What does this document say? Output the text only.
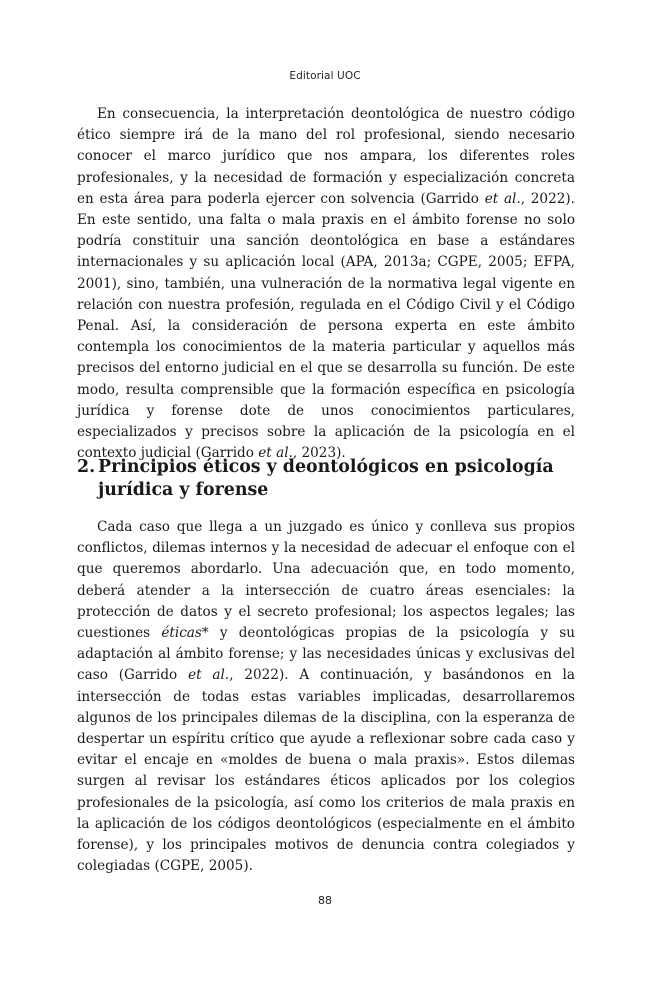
Editorial UOC

En consecuencia, la interpretación deontológica de nuestro código ético siempre irá de la mano del rol profesional, siendo necesario conocer el marco jurídico que nos ampara, los diferentes roles profesionales, y la necesidad de formación y especialización concreta en esta área para poderla ejercer con solvencia (Garrido et al., 2022). En este sentido, una falta o mala praxis en el ámbito forense no solo podría constituir una sanción deontológica en base a estándares internacionales y su aplicación local (APA, 2013a; CGPE, 2005; EFPA, 2001), sino, también, una vulneración de la normativa legal vigente en relación con nuestra profesión, regulada en el Código Civil y el Código Penal. Así, la consideración de persona experta en este ámbito contempla los conocimientos de la materia particular y aquellos más precisos del entorno judicial en el que se desarrolla su función. De este modo, resulta comprensible que la formación específica en psicología jurídica y forense dote de unos conocimientos particulares, especializados y precisos sobre la aplicación de la psicología en el contexto judicial (Garrido et al., 2023).

2. Principios éticos y deontológicos en psicología jurídica y forense

Cada caso que llega a un juzgado es único y conlleva sus propios conflictos, dilemas internos y la necesidad de adecuar el enfoque con el que queremos abordarlo. Una adecuación que, en todo momento, deberá atender a la intersección de cuatro áreas esenciales: la protección de datos y el secreto profesional; los aspectos legales; las cuestiones éticas* y deontológicas propias de la psicología y su adaptación al ámbito forense; y las necesidades únicas y exclusivas del caso (Garrido et al., 2022). A continuación, y basándonos en la intersección de todas estas variables implicadas, desarrollaremos algunos de los principales dilemas de la disciplina, con la esperanza de despertar un espíritu crítico que ayude a reflexionar sobre cada caso y evitar el encaje en «moldes de buena o mala praxis». Estos dilemas surgen al revisar los estándares éticos aplicados por los colegios profesionales de la psicología, así como los criterios de mala praxis en la aplicación de los códigos deontológicos (especialmente en el ámbito forense), y los principales motivos de denuncia contra colegiados y colegiadas (CGPE, 2005).

88
